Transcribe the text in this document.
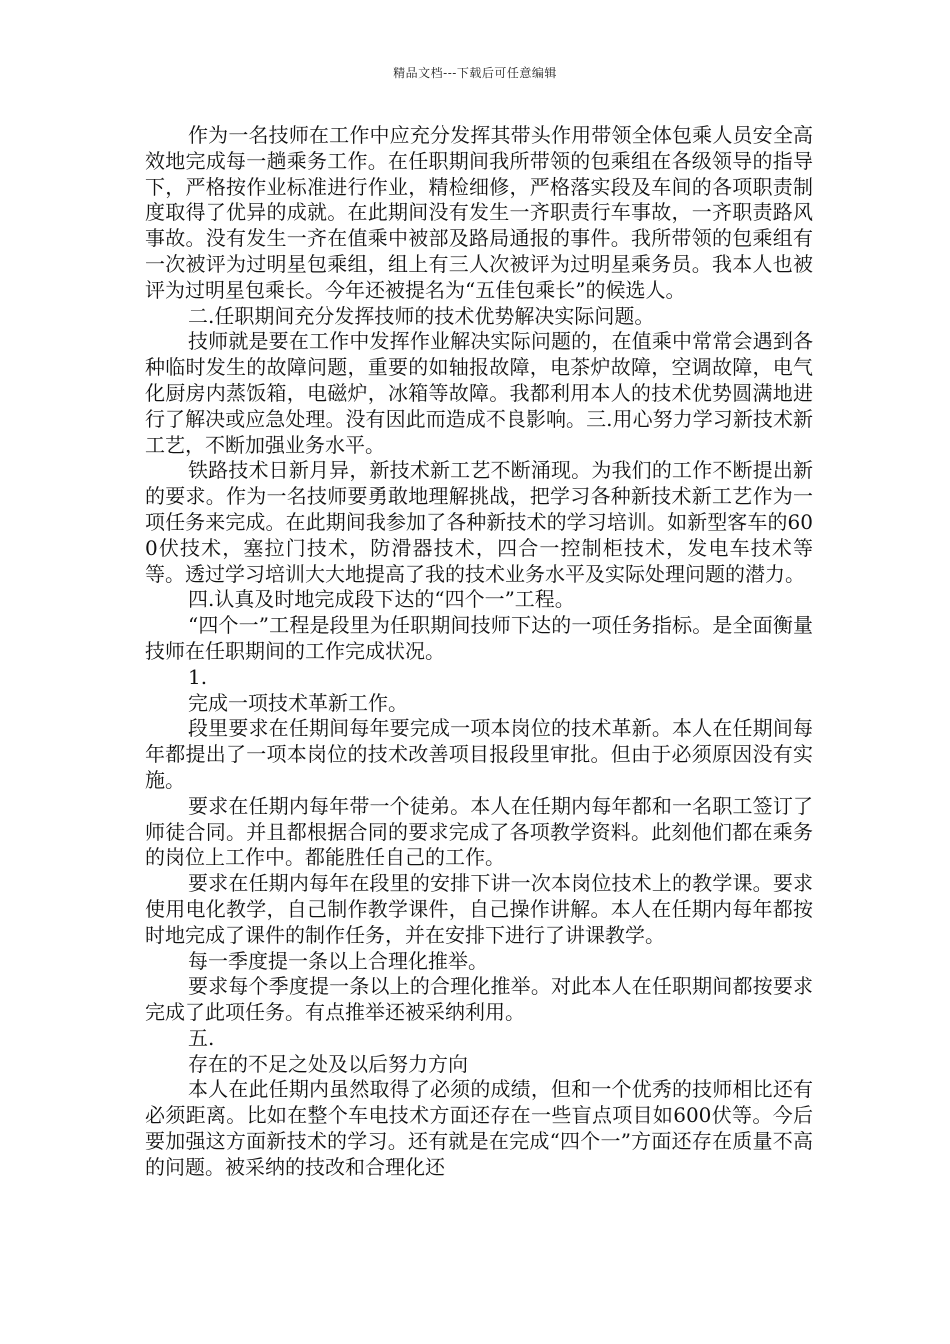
精品文档---下载后可任意编辑

作为一名技师在工作中应充分发挥其带头作用带领全体包乘人员安全高效地完成每一趟乘务工作。在任职期间我所带领的包乘组在各级领导的指导下，严格按作业标准进行作业，精检细修，严格落实段及车间的各项职责制度取得了优异的成就。在此期间没有发生一齐职责行车事故，一齐职责路风事故。没有发生一齐在值乘中被部及路局通报的事件。我所带领的包乘组有一次被评为过明星包乘组，组上有三人次被评为过明星乘务员。我本人也被评为过明星包乘长。今年还被提名为“五佳包乘长”的候选人。

二.任职期间充分发挥技师的技术优势解决实际问题。

技师就是要在工作中发挥作业解决实际问题的，在值乘中常常会遇到各种临时发生的故障问题，重要的如轴报故障，电茶炉故障，空调故障，电气化厨房内蒸饭箱，电磁炉，冰箱等故障。我都利用本人的技术优势圆满地进行了解决或应急处理。没有因此而造成不良影响。三.用心努力学习新技术新工艺，不断加强业务水平。

铁路技术日新月异，新技术新工艺不断涌现。为我们的工作不断提出新的要求。作为一名技师要勇敢地理解挑战，把学习各种新技术新工艺作为一项任务来完成。在此期间我参加了各种新技术的学习培训。如新型客车的600伏技术，塞拉门技术，防滑器技术，四合一控制柜技术，发电车技术等等。透过学习培训大大地提高了我的技术业务水平及实际处理问题的潜力。

四.认真及时地完成段下达的“四个一”工程。

“四个一”工程是段里为任职期间技师下达的一项任务指标。是全面衡量技师在任职期间的工作完成状况。

1.

完成一项技术革新工作。

段里要求在任期间每年要完成一项本岗位的技术革新。本人在任期间每年都提出了一项本岗位的技术改善项目报段里审批。但由于必须原因没有实施。

要求在任期内每年带一个徒弟。本人在任期内每年都和一名职工签订了师徒合同。并且都根据合同的要求完成了各项教学资料。此刻他们都在乘务的岗位上工作中。都能胜任自己的工作。

要求在任期内每年在段里的安排下讲一次本岗位技术上的教学课。要求使用电化教学，自己制作教学课件，自己操作讲解。本人在任期内每年都按时地完成了课件的制作任务，并在安排下进行了讲课教学。

每一季度提一条以上合理化推举。

要求每个季度提一条以上的合理化推举。对此本人在任职期间都按要求完成了此项任务。有点推举还被采纳利用。

五.

存在的不足之处及以后努力方向

本人在此任期内虽然取得了必须的成绩，但和一个优秀的技师相比还有必须距离。比如在整个车电技术方面还存在一些盲点项目如600伏等。今后要加强这方面新技术的学习。还有就是在完成“四个一”方面还存在质量不高的问题。被采纳的技改和合理化还
